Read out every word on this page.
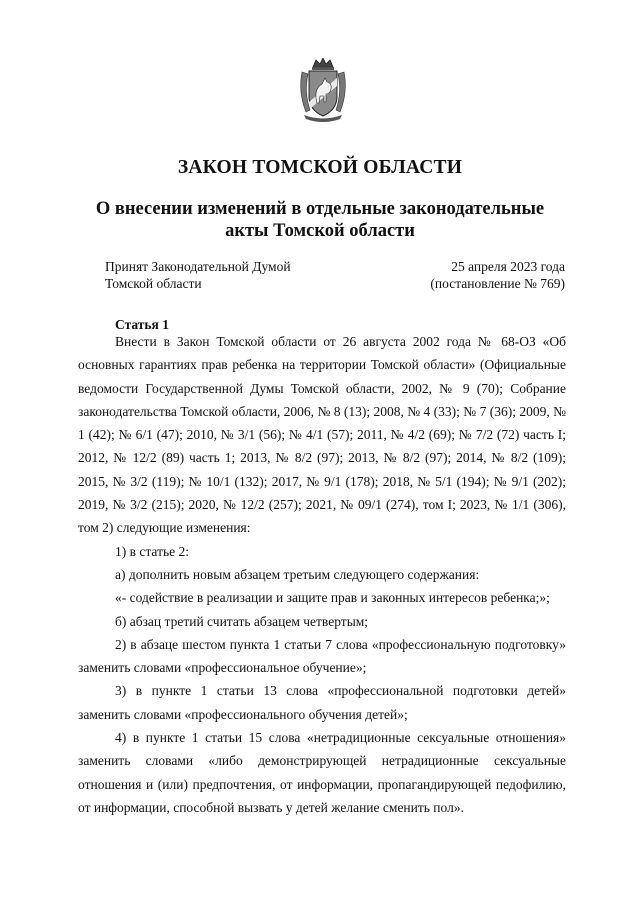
ЗАКОН ТОМСКОЙ ОБЛАСТИ
О внесении изменений в отдельные законодательные
акты Томской области
Принят Законодательной Думой
Томской области
25 апреля 2023 года
(постановление № 769)
Статья 1

Внести в Закон Томской области от 26 августа 2002 года № 68-ОЗ «Об основных гарантиях прав ребенка на территории Томской области» (Официальные ведомости Государственной Думы Томской области, 2002, № 9 (70); Собрание законодательства Томской области, 2006, № 8 (13); 2008, № 4 (33); № 7 (36); 2009, № 1 (42); № 6/1 (47); 2010, № 3/1 (56); № 4/1 (57); 2011, № 4/2 (69); № 7/2 (72) часть I; 2012, № 12/2 (89) часть 1; 2013, № 8/2 (97); 2013, № 8/2 (97); 2014, № 8/2 (109); 2015, № 3/2 (119); № 10/1 (132); 2017, № 9/1 (178); 2018, № 5/1 (194); № 9/1 (202); 2019, № 3/2 (215); 2020, № 12/2 (257); 2021, № 09/1 (274), том I; 2023, № 1/1 (306), том 2) следующие изменения:

1) в статье 2:

а) дополнить новым абзацем третьим следующего содержания:

«- содействие в реализации и защите прав и законных интересов ребенка;»;

б) абзац третий считать абзацем четвертым;

2) в абзаце шестом пункта 1 статьи 7 слова «профессиональную подготовку» заменить словами «профессиональное обучение»;

3) в пункте 1 статьи 13 слова «профессиональной подготовки детей» заменить словами «профессионального обучения детей»;

4) в пункте 1 статьи 15 слова «нетрадиционные сексуальные отношения» заменить словами «либо демонстрирующей нетрадиционные сексуальные отношения и (или) предпочтения, от информации, пропагандирующей педофилию, от информации, способной вызвать у детей желание сменить пол».
